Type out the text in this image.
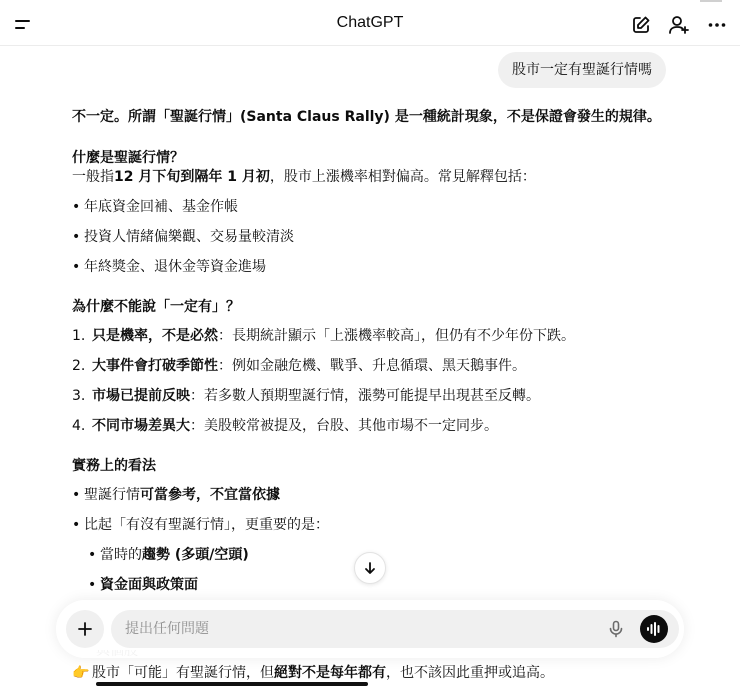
ChatGPT
股市一定有聖誕行情嗎
不一定。所謂「聖誕行情」(Santa Claus Rally) 是一種統計現象，不是保證會發生的規律。
什麼是聖誕行情？
一般指12 月下旬到隔年 1 月初，股市上漲機率相對偏高。常見解釋包括：
年底資金回補、基金作帳
投資人情緒偏樂觀、交易量較清淡
年終獎金、退休金等資金進場
為什麼不能說「一定有」？
1. 只是機率，不是必然：長期統計顯示「上漲機率較高」，但仍有不少年份下跌。
2. 大事件會打破季節性：例如金融危機、戰爭、升息循環、黑天鵝事件。
3. 市場已提前反映：若多數人預期聖誕行情，漲勢可能提早出現甚至反轉。
4. 不同市場差異大：美股較常被提及，台股、其他市場不一定同步。
實務上的看法
聖誕行情可當參考，不宜當依據
比起「有沒有聖誕行情」，更重要的是：
當時的趨勢 (多頭/空頭)
資金面與政策面
提出任何問題
👉 股市「可能」有聖誕行情，但絕對不是每年都有，也不該因此重押或追高。
